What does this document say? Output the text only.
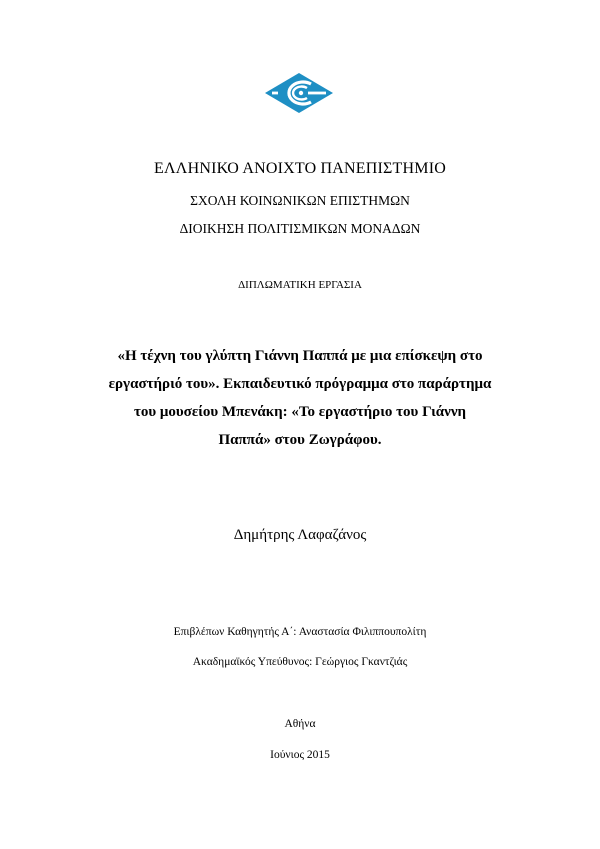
ΕΛΛΗΝΙΚΟ ΑΝΟΙΧΤΟ ΠΑΝΕΠΙΣΤΗΜΙΟ
ΣΧΟΛΗ ΚΟΙΝΩΝΙΚΩΝ ΕΠΙΣΤΗΜΩΝ
ΔΙΟΙΚΗΣΗ ΠΟΛΙΤΙΣΜΙΚΩΝ ΜΟΝΑΔΩΝ
ΔΙΠΛΩΜΑΤΙΚΗ ΕΡΓΑΣΙΑ
«Η τέχνη του γλύπτη Γιάννη Παππά με μια επίσκεψη στο
εργαστήριό του». Εκπαιδευτικό πρόγραμμα στο παράρτημα
του μουσείου Μπενάκη: «Το εργαστήριο του Γιάννη
Παππά» στου Ζωγράφου.
Δημήτρης Λαφαζάνος
Επιβλέπων Καθηγητής Α΄: Αναστασία Φιλιππουπολίτη
Ακαδημαϊκός Υπεύθυνος: Γεώργιος Γκαντζιάς
Αθήνα
Ιούνιος 2015
